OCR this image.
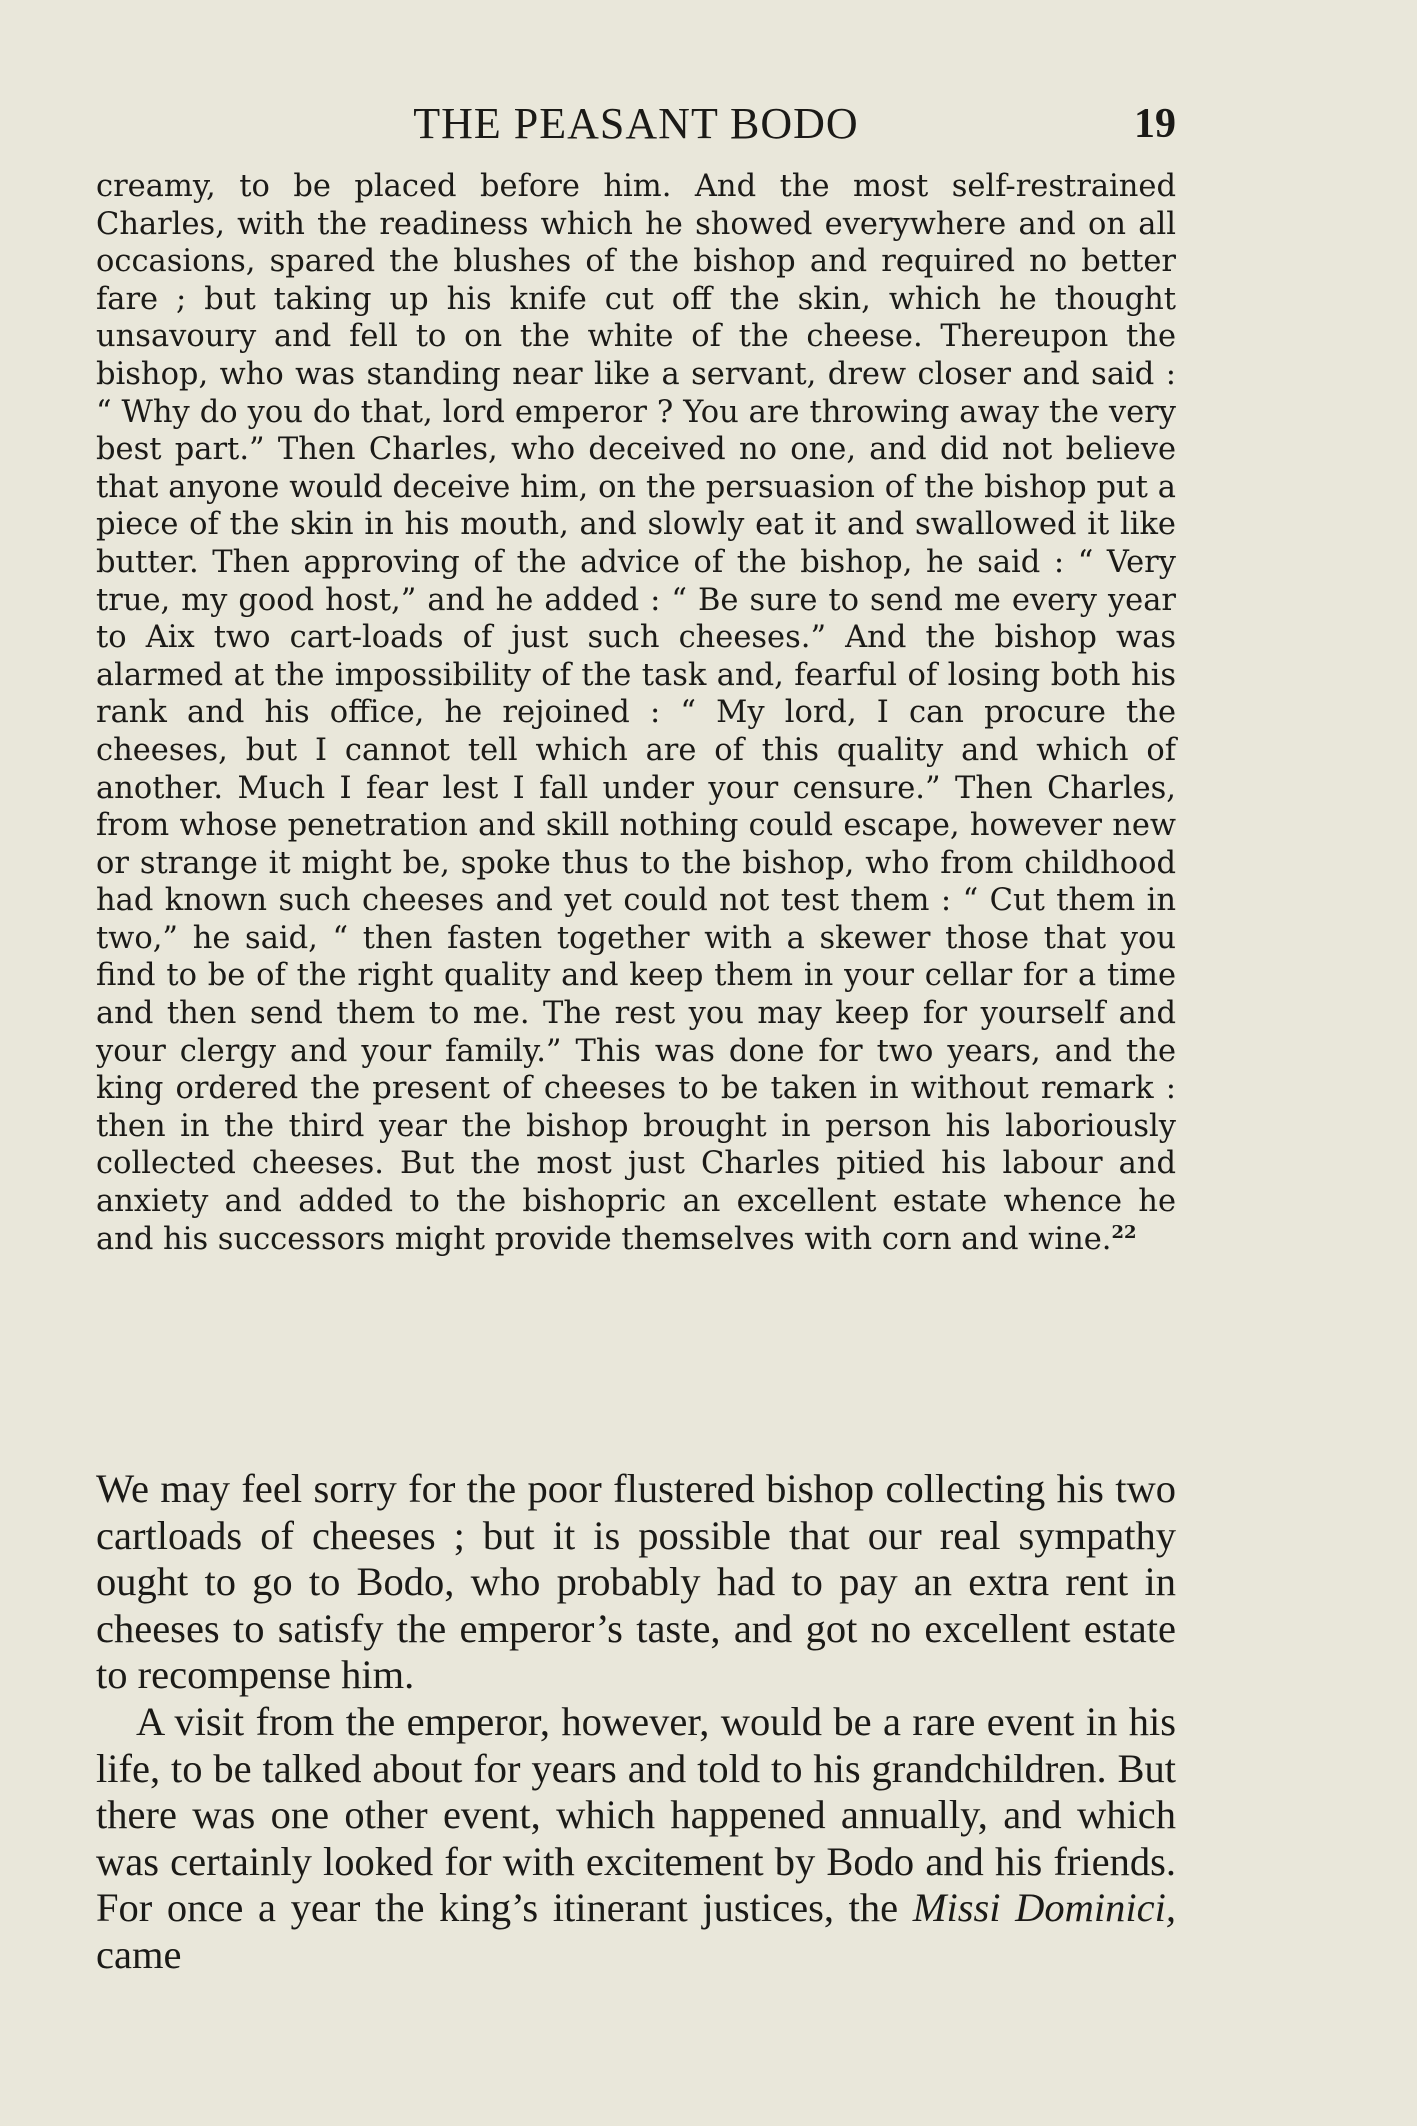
THE PEASANT BODO	19

creamy, to be placed before him. And the most self-restrained Charles, with the readiness which he showed everywhere and on all occasions, spared the blushes of the bishop and required no better fare ; but taking up his knife cut off the skin, which he thought unsavoury and fell to on the white of the cheese. Thereupon the bishop, who was standing near like a servant, drew closer and said : “ Why do you do that, lord emperor ? You are throwing away the very best part.” Then Charles, who deceived no one, and did not believe that anyone would deceive him, on the persuasion of the bishop put a piece of the skin in his mouth, and slowly eat it and swallowed it like butter. Then approving of the advice of the bishop, he said : “ Very true, my good host,” and he added : “ Be sure to send me every year to Aix two cart-loads of just such cheeses.” And the bishop was alarmed at the impossibility of the task and, fearful of losing both his rank and his office, he rejoined : “ My lord, I can procure the cheeses, but I cannot tell which are of this quality and which of another. Much I fear lest I fall under your censure.” Then Charles, from whose penetration and skill nothing could escape, however new or strange it might be, spoke thus to the bishop, who from childhood had known such cheeses and yet could not test them : “ Cut them in two,” he said, “ then fasten together with a skewer those that you find to be of the right quality and keep them in your cellar for a time and then send them to me. The rest you may keep for yourself and your clergy and your family.” This was done for two years, and the king ordered the present of cheeses to be taken in without remark : then in the third year the bishop brought in person his laboriously collected cheeses. But the most just Charles pitied his labour and anxiety and added to the bishopric an excellent estate whence he and his successors might provide themselves with corn and wine.$^{22}$

We may feel sorry for the poor flustered bishop collecting his two cartloads of cheeses ; but it is possible that our real sympathy ought to go to Bodo, who probably had to pay an extra rent in cheeses to satisfy the emperor’s taste, and got no excellent estate to recompense him.

A visit from the emperor, however, would be a rare event in his life, to be talked about for years and told to his grandchildren. But there was one other event, which happened annually, and which was certainly looked for with excitement by Bodo and his friends. For once a year the king’s itinerant justices, the Missi Dominici, came
